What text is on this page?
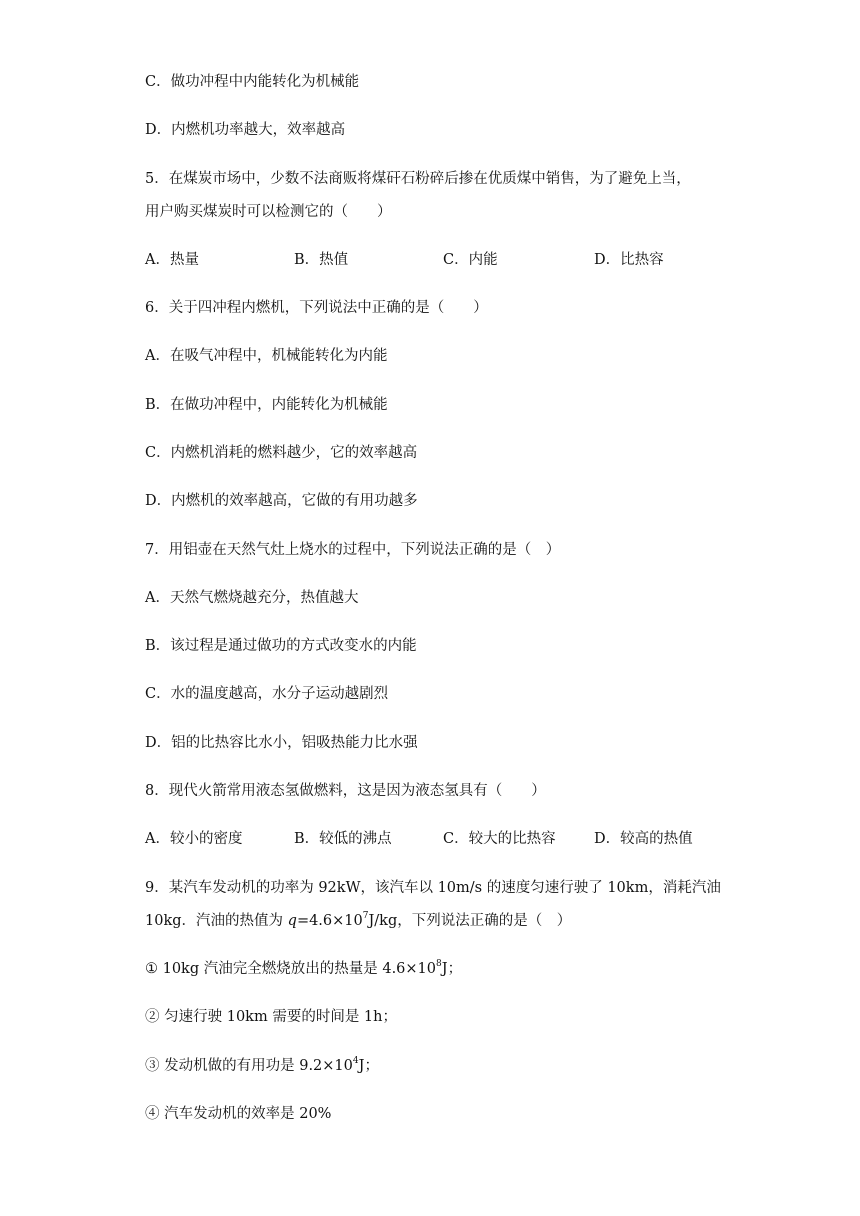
C．做功冲程中内能转化为机械能
D．内燃机功率越大，效率越高
5．在煤炭市场中，少数不法商贩将煤矸石粉碎后掺在优质煤中销售，为了避免上当，
用户购买煤炭时可以检测它的（　　）
A．热量	B．热值	C．内能	D．比热容
6．关于四冲程内燃机，下列说法中正确的是（　　）
A．在吸气冲程中，机械能转化为内能
B．在做功冲程中，内能转化为机械能
C．内燃机消耗的燃料越少，它的效率越高
D．内燃机的效率越高，它做的有用功越多
7．用铝壶在天然气灶上烧水的过程中，下列说法正确的是（　）
A．天然气燃烧越充分，热值越大
B．该过程是通过做功的方式改变水的内能
C．水的温度越高，水分子运动越剧烈
D．铝的比热容比水小，铝吸热能力比水强
8．现代火箭常用液态氢做燃料，这是因为液态氢具有（　　）
A．较小的密度	B．较低的沸点	C．较大的比热容	D．较高的热值
9．某汽车发动机的功率为 92kW，该汽车以 10m/s 的速度匀速行驶了 10km，消耗汽油
10kg．汽油的热值为 $q=4.6\times 10^7J/kg$，下列说法正确的是（　）
① 10kg 汽油完全燃烧放出的热量是 $4.6\times 10^8J$；
② 匀速行驶 10km 需要的时间是 1h；
③ 发动机做的有用功是 $9.2\times 10^4J$；
④ 汽车发动机的效率是 20%
